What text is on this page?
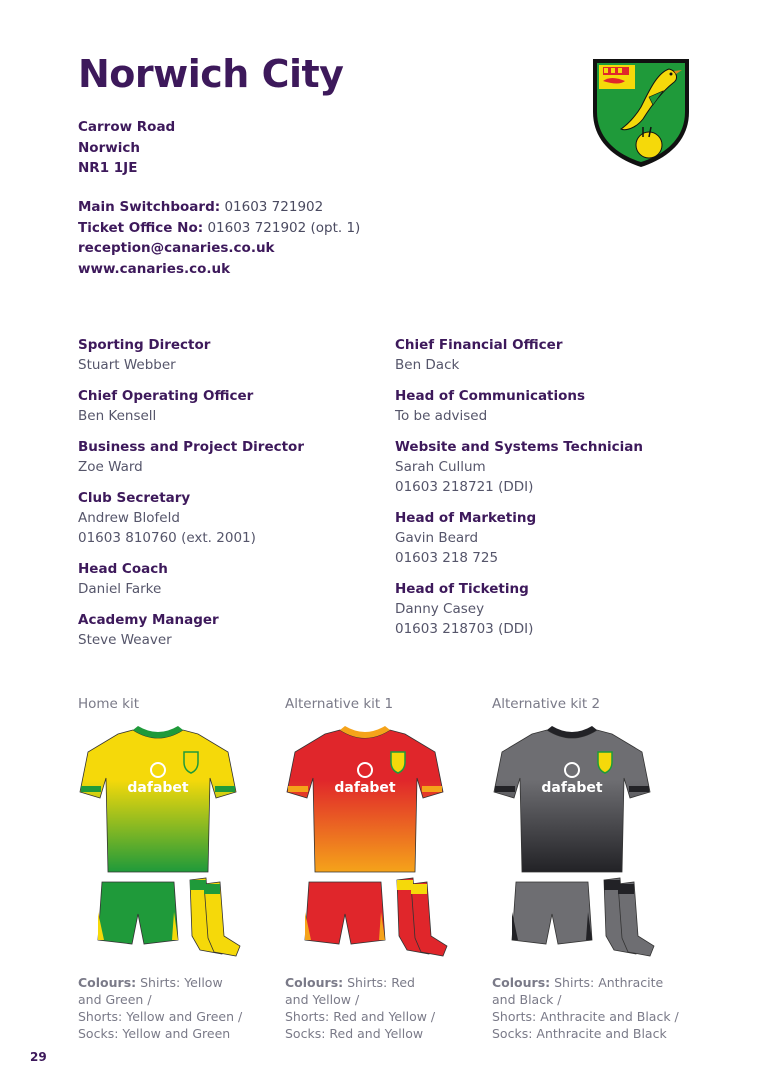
Norwich City
Carrow Road
Norwich
NR1 1JE
Main Switchboard: 01603 721902
Ticket Office No: 01603 721902 (opt. 1)
reception@canaries.co.uk
www.canaries.co.uk
Sporting Director
Stuart Webber
Chief Operating Officer
Ben Kensell
Business and Project Director
Zoe Ward
Club Secretary
Andrew Blofeld
01603 810760 (ext. 2001)
Head Coach
Daniel Farke
Academy Manager
Steve Weaver
Chief Financial Officer
Ben Dack
Head of Communications
To be advised
Website and Systems Technician
Sarah Cullum
01603 218721 (DDI)
Head of Marketing
Gavin Beard
01603 218 725
Head of Ticketing
Danny Casey
01603 218703 (DDI)
Home kit
dafabet
Colours: Shirts: Yellow
and Green /
Shorts: Yellow and Green /
Socks: Yellow and Green
Alternative kit 1
dafabet
Colours: Shirts: Red
and Yellow /
Shorts: Red and Yellow /
Socks: Red and Yellow
Alternative kit 2
dafabet
Colours: Shirts: Anthracite
and Black /
Shorts: Anthracite and Black /
Socks: Anthracite and Black
29
